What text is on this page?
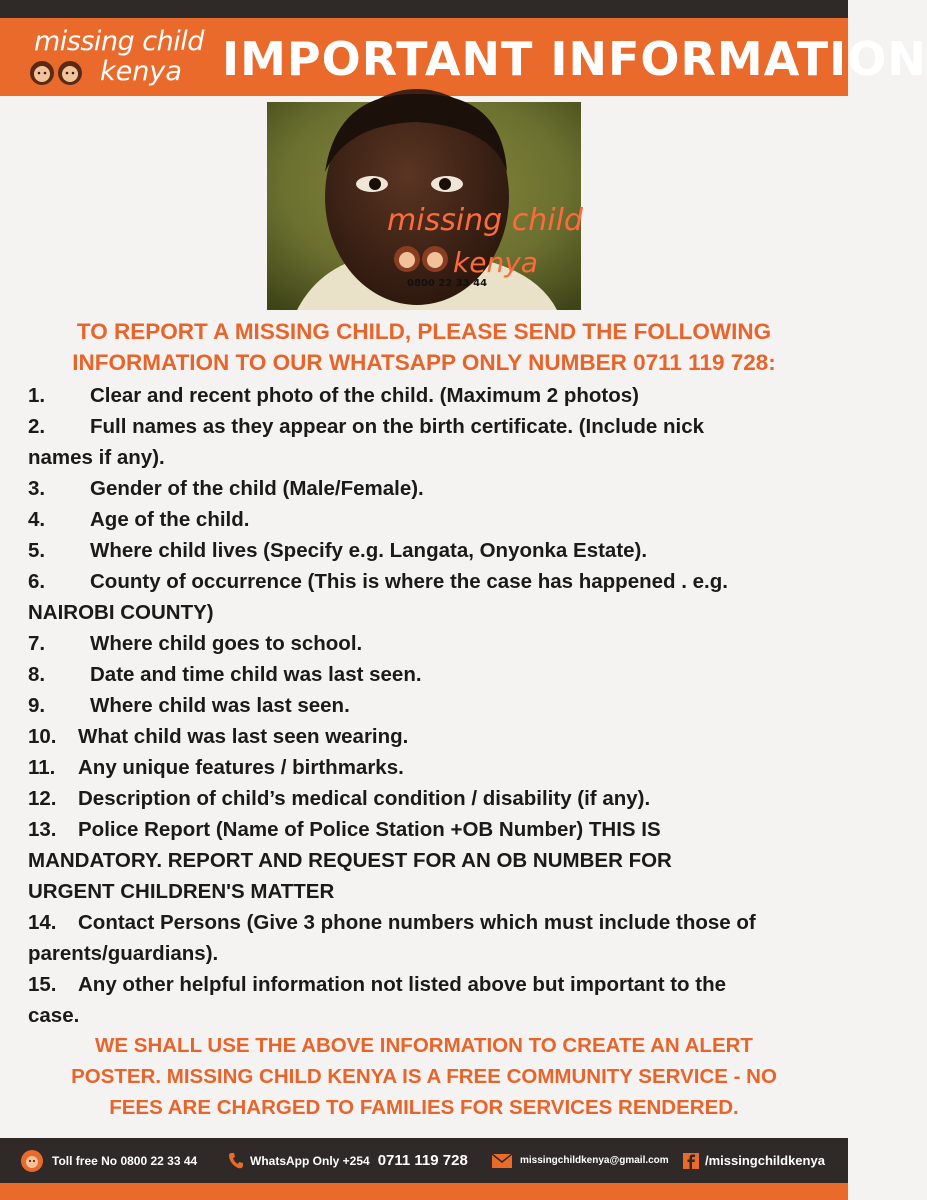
missing child
kenya IMPORTANT INFORMATION
missing child
kenya
0800 22 33 44
TO REPORT A MISSING CHILD, PLEASE SEND THE FOLLOWING
INFORMATION TO OUR WHATSAPP ONLY NUMBER 0711 119 728:
1. Clear and recent photo of the child. (Maximum 2 photos)
2. Full names as they appear on the birth certificate. (Include nick
names if any).
3. Gender of the child (Male/Female).
4. Age of the child.
5. Where child lives (Specify e.g. Langata, Onyonka Estate).
6. County of occurrence (This is where the case has happened . e.g.
NAIROBI COUNTY)
7. Where child goes to school.
8. Date and time child was last seen.
9. Where child was last seen.
10. What child was last seen wearing.
11. Any unique features / birthmarks.
12. Description of child’s medical condition / disability (if any).
13. Police Report (Name of Police Station +OB Number) THIS IS
MANDATORY. REPORT AND REQUEST FOR AN OB NUMBER FOR
URGENT CHILDREN'S MATTER
14. Contact Persons (Give 3 phone numbers which must include those of
parents/guardians).
15. Any other helpful information not listed above but important to the
case.
WE SHALL USE THE ABOVE INFORMATION TO CREATE AN ALERT
POSTER. MISSING CHILD KENYA IS A FREE COMMUNITY SERVICE - NO
FEES ARE CHARGED TO FAMILIES FOR SERVICES RENDERED.
Toll free No 0800 22 33 44	WhatsApp Only +254 0711 119 728	missingchildkenya@gmail.com	/missingchildkenya
